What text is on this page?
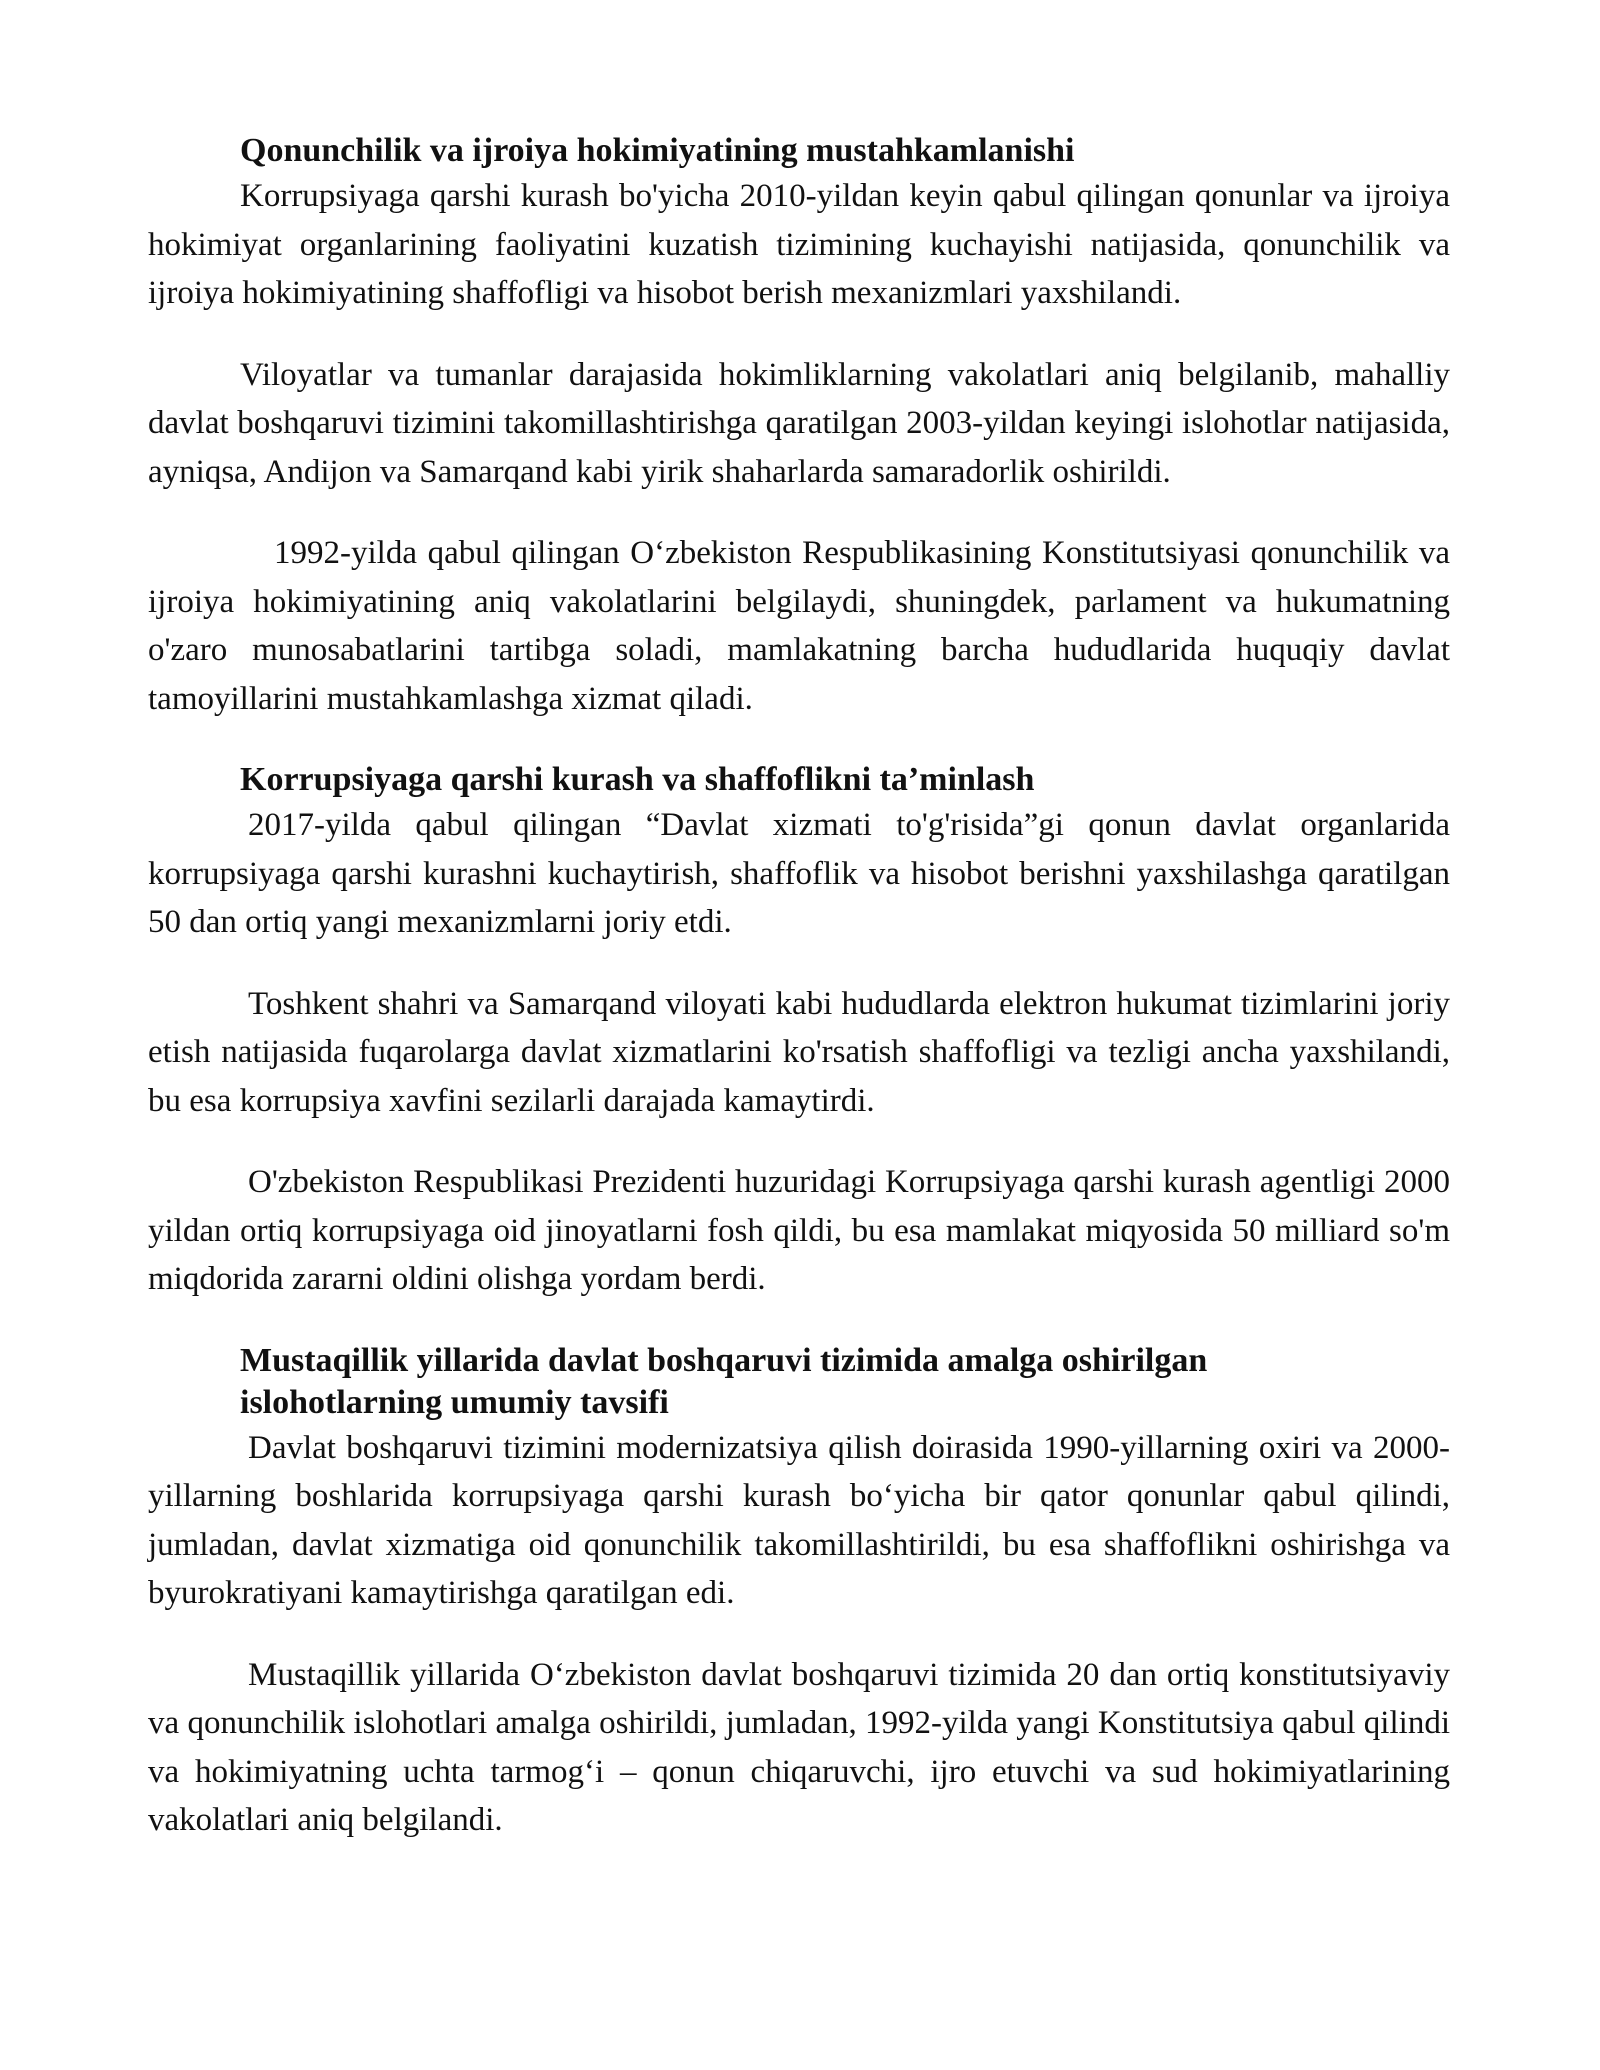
Qonunchilik va ijroiya hokimiyatining mustahkamlanishi

Korrupsiyaga qarshi kurash bo'yicha 2010-yildan keyin qabul qilingan qonunlar va ijroiya hokimiyat organlarining faoliyatini kuzatish tizimining kuchayishi natijasida, qonunchilik va ijroiya hokimiyatining shaffofligi va hisobot berish mexanizmlari yaxshilandi.

Viloyatlar va tumanlar darajasida hokimliklarning vakolatlari aniq belgilanib, mahalliy davlat boshqaruvi tizimini takomillashtirishga qaratilgan 2003-yildan keyingi islohotlar natijasida, ayniqsa, Andijon va Samarqand kabi yirik shaharlarda samaradorlik oshirildi.

1992-yilda qabul qilingan O‘zbekiston Respublikasining Konstitutsiyasi qonunchilik va ijroiya hokimiyatining aniq vakolatlarini belgilaydi, shuningdek, parlament va hukumatning o'zaro munosabatlarini tartibga soladi, mamlakatning barcha hududlarida huquqiy davlat tamoyillarini mustahkamlashga xizmat qiladi.

Korrupsiyaga qarshi kurash va shaffoflikni ta’minlash

2017-yilda qabul qilingan “Davlat xizmati to'g'risida”gi qonun davlat organlarida korrupsiyaga qarshi kurashni kuchaytirish, shaffoflik va hisobot berishni yaxshilashga qaratilgan 50 dan ortiq yangi mexanizmlarni joriy etdi.

Toshkent shahri va Samarqand viloyati kabi hududlarda elektron hukumat tizimlarini joriy etish natijasida fuqarolarga davlat xizmatlarini ko'rsatish shaffofligi va tezligi ancha yaxshilandi, bu esa korrupsiya xavfini sezilarli darajada kamaytirdi.

O'zbekiston Respublikasi Prezidenti huzuridagi Korrupsiyaga qarshi kurash agentligi 2000 yildan ortiq korrupsiyaga oid jinoyatlarni fosh qildi, bu esa mamlakat miqyosida 50 milliard so'm miqdorida zararni oldini olishga yordam berdi.

Mustaqillik yillarida davlat boshqaruvi tizimida amalga oshirilgan islohotlarning umumiy tavsifi

Davlat boshqaruvi tizimini modernizatsiya qilish doirasida 1990-yillarning oxiri va 2000-yillarning boshlarida korrupsiyaga qarshi kurash bo‘yicha bir qator qonunlar qabul qilindi, jumladan, davlat xizmatiga oid qonunchilik takomillashtirildi, bu esa shaffoflikni oshirishga va byurokratiyani kamaytirishga qaratilgan edi.

Mustaqillik yillarida O‘zbekiston davlat boshqaruvi tizimida 20 dan ortiq konstitutsiyaviy va qonunchilik islohotlari amalga oshirildi, jumladan, 1992-yilda yangi Konstitutsiya qabul qilindi va hokimiyatning uchta tarmog‘i – qonun chiqaruvchi, ijro etuvchi va sud hokimiyatlarining vakolatlari aniq belgilandi.
